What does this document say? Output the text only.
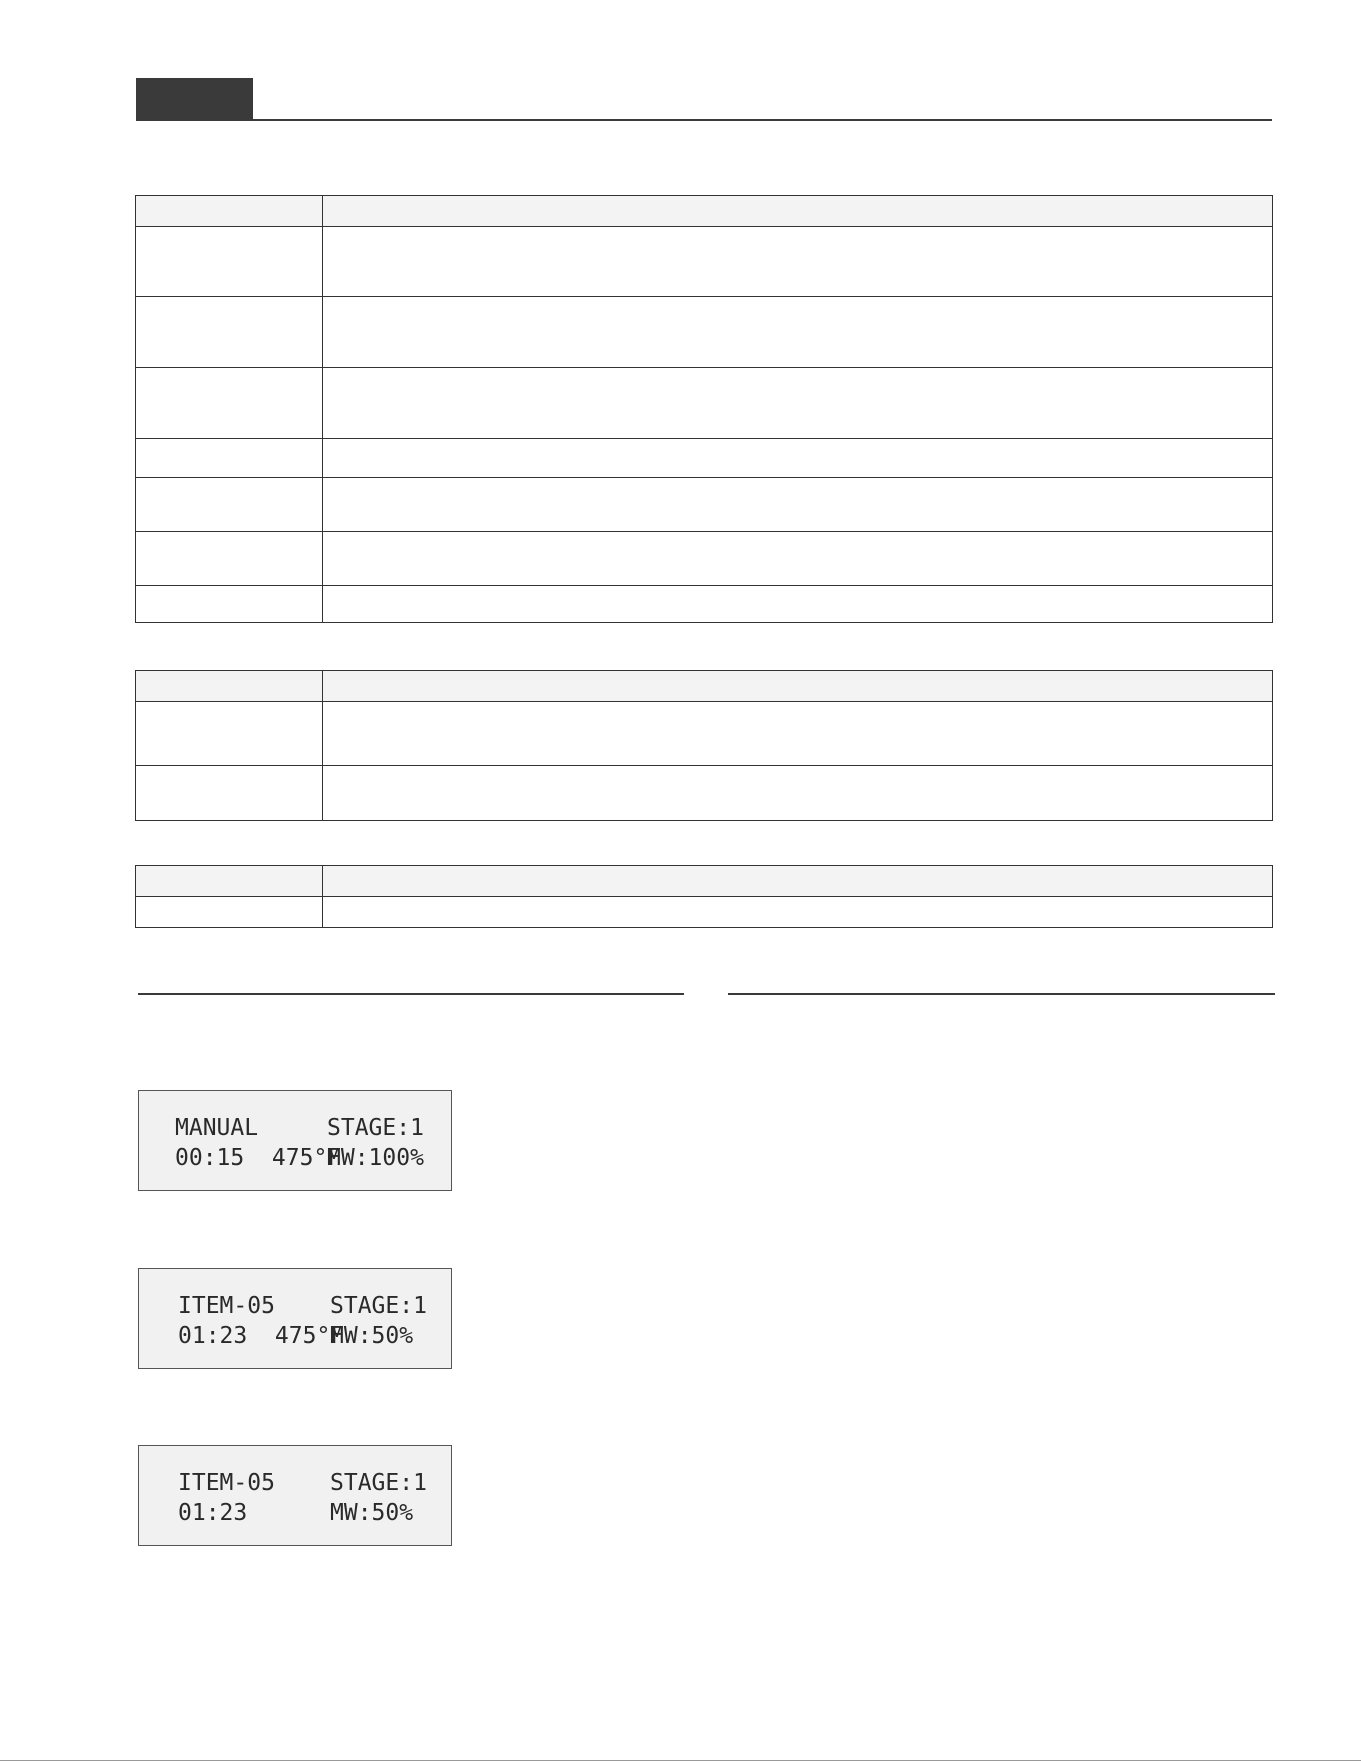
MANUAL	STAGE:1
00:15  475°F
MW:100%
ITEM-05 STAGE:1
01:23  475°F
MW:50%
ITEM-05 STAGE:1
01:23	MW:50%
